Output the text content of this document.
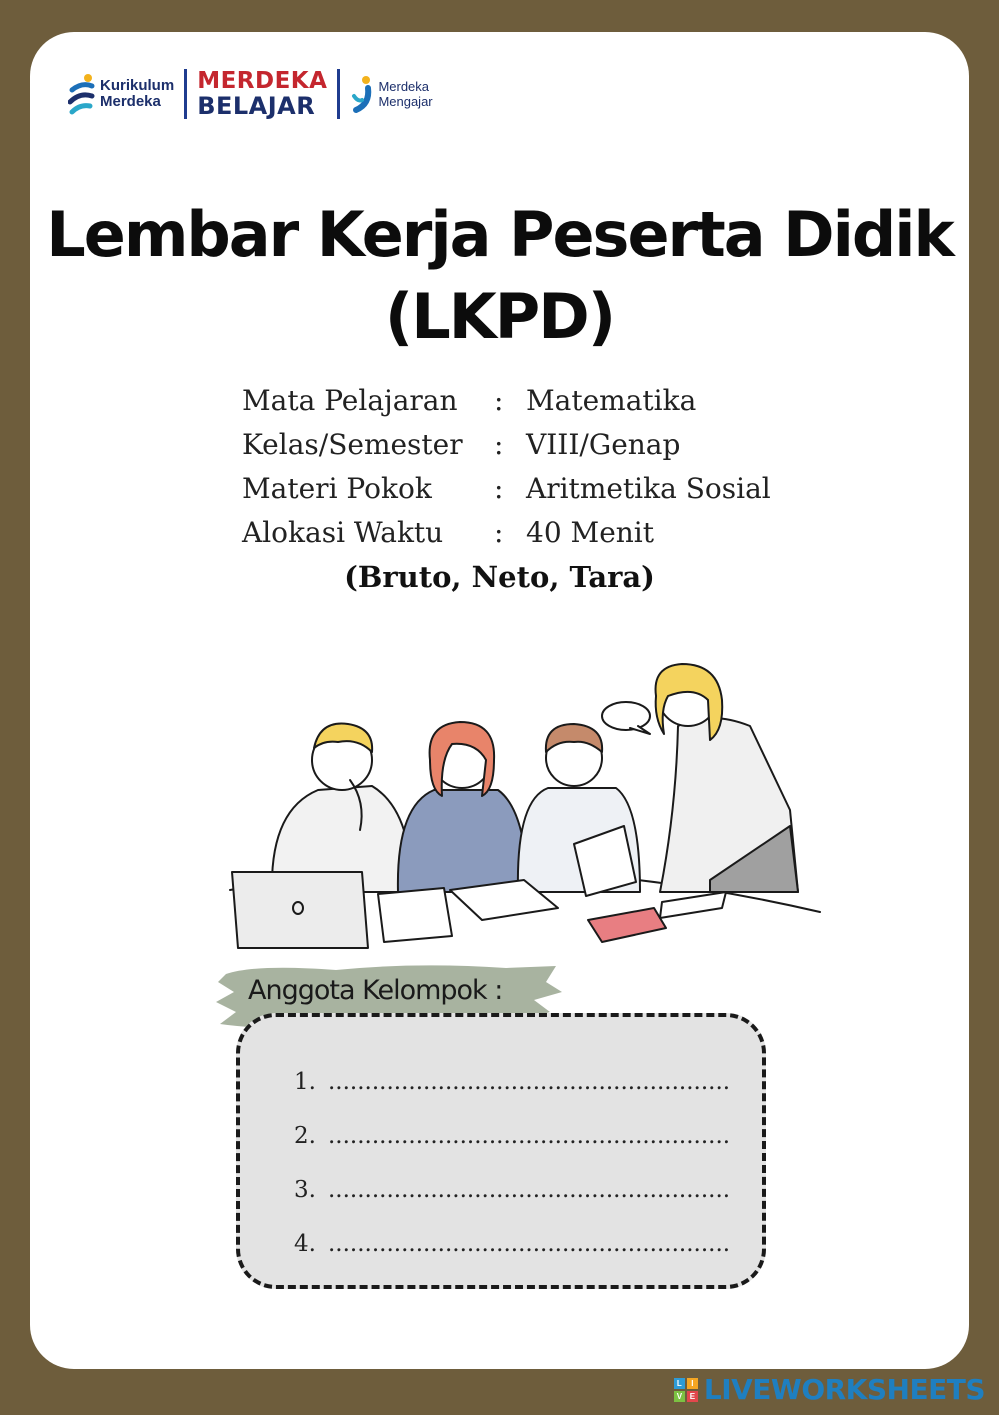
Kurikulum
Merdeka
MERDEKA
BELAJAR
Merdeka
Mengajar
Lembar Kerja Peserta Didik
(LKPD)
Mata Pelajaran	:	Matematika
Kelas/Semester	:	VIII/Genap
Materi Pokok	:	Aritmetika Sosial
Alokasi Waktu	:	40 Menit

(Bruto, Neto, Tara)

Anggota Kelompok :
1. .......................................................
2. .......................................................
3. .......................................................
4. .......................................................
L	I
V E LIVEWORKSHEETS
